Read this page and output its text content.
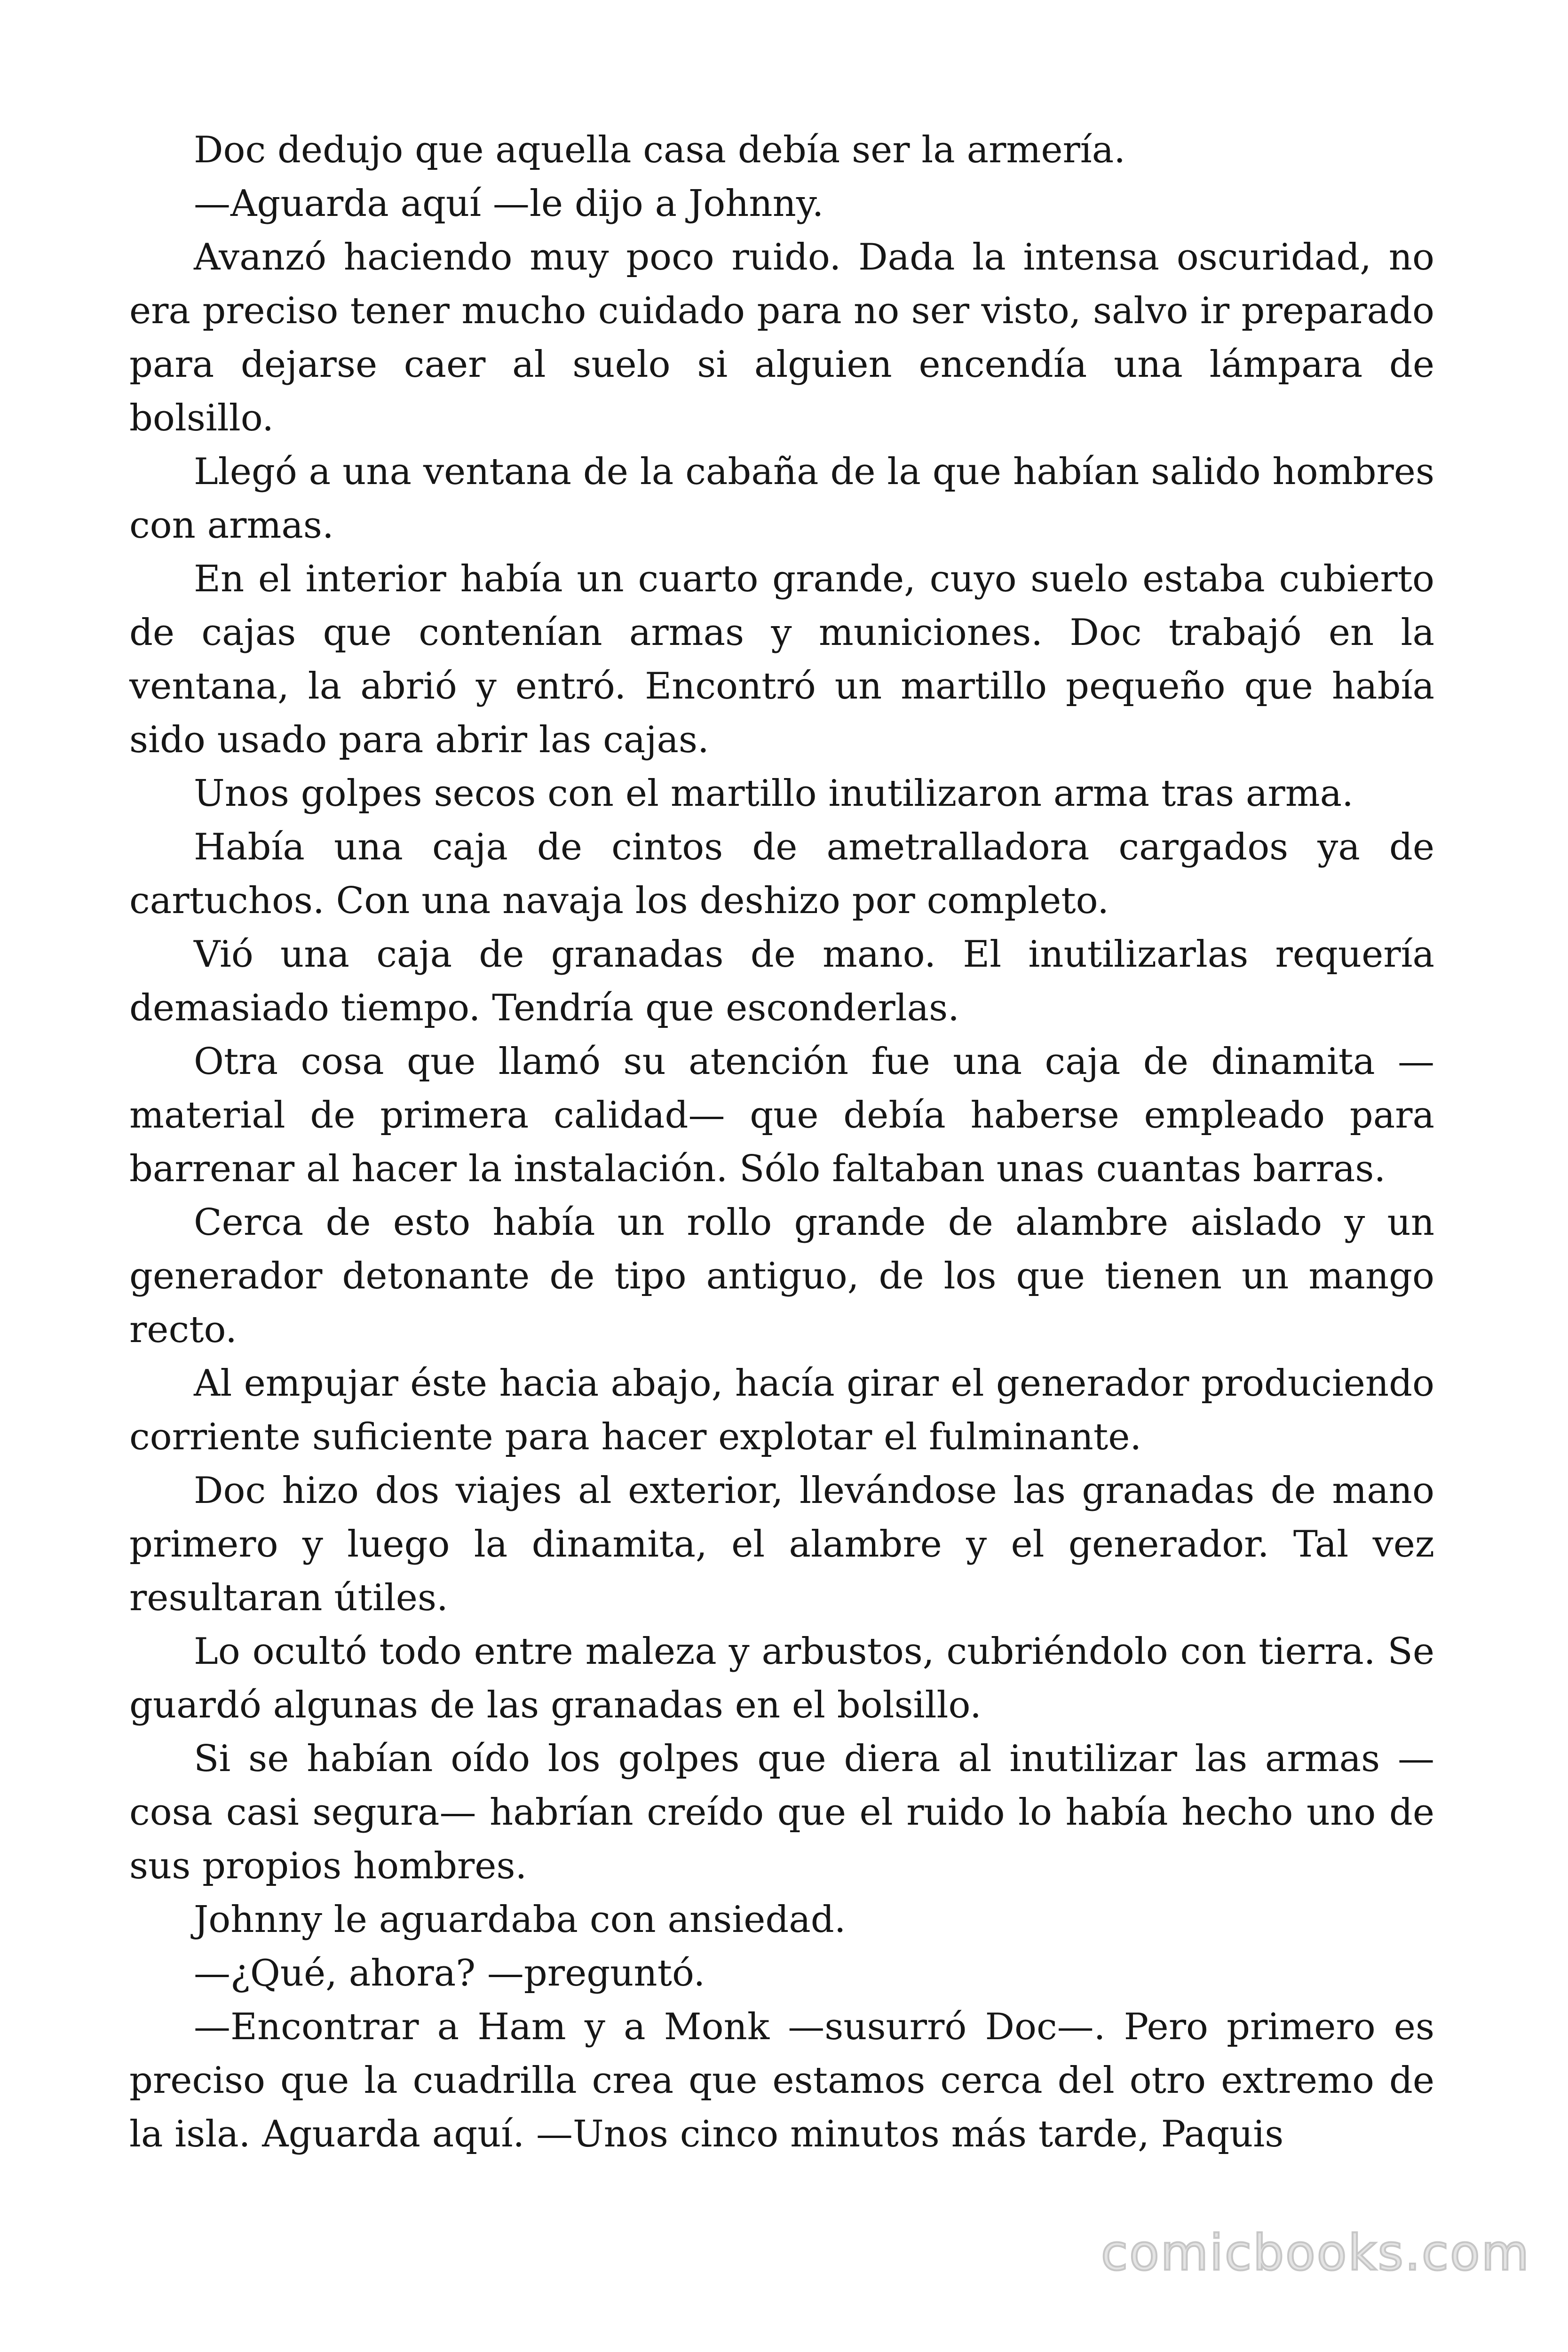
Doc dedujo que aquella casa debía ser la armería.

—Aguarda aquí —le dijo a Johnny.

Avanzó haciendo muy poco ruido. Dada la intensa oscuridad, no era preciso tener mucho cuidado para no ser visto, salvo ir preparado para dejarse caer al suelo si alguien encendía una lámpara de bolsillo.

Llegó a una ventana de la cabaña de la que habían salido hombres con armas.

En el interior había un cuarto grande, cuyo suelo estaba cubierto de cajas que contenían armas y municiones. Doc trabajó en la ventana, la abrió y entró. Encontró un martillo pequeño que había sido usado para abrir las cajas.

Unos golpes secos con el martillo inutilizaron arma tras arma.

Había una caja de cintos de ametralladora cargados ya de cartuchos. Con una navaja los deshizo por completo.

Vió una caja de granadas de mano. El inutilizarlas requería demasiado tiempo. Tendría que esconderlas.

Otra cosa que llamó su atención fue una caja de dinamita —material de primera calidad— que debía haberse empleado para barrenar al hacer la instalación. Sólo faltaban unas cuantas barras.

Cerca de esto había un rollo grande de alambre aislado y un generador detonante de tipo antiguo, de los que tienen un mango recto.

Al empujar éste hacia abajo, hacía girar el generador produciendo corriente suficiente para hacer explotar el fulminante.

Doc hizo dos viajes al exterior, llevándose las granadas de mano primero y luego la dinamita, el alambre y el generador. Tal vez resultaran útiles.

Lo ocultó todo entre maleza y arbustos, cubriéndolo con tierra. Se guardó algunas de las granadas en el bolsillo.

Si se habían oído los golpes que diera al inutilizar las armas —cosa casi segura— habrían creído que el ruido lo había hecho uno de sus propios hombres.

Johnny le aguardaba con ansiedad.

—¿Qué, ahora? —preguntó.

—Encontrar a Ham y a Monk —susurró Doc—. Pero primero es preciso que la cuadrilla crea que estamos cerca del otro extremo de la isla. Aguarda aquí. —Unos cinco minutos más tarde, Paquis

comicbooks.com
